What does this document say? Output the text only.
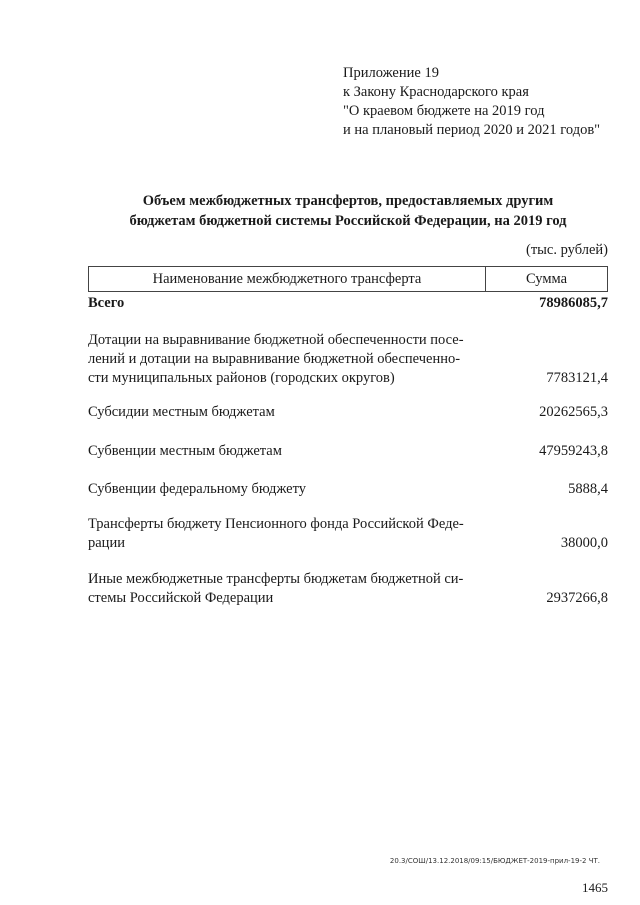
Приложение 19
к Закону Краснодарского края
"О краевом бюджете на 2019 год
и на плановый период 2020 и 2021 годов"
Объем межбюджетных трансфертов, предоставляемых другим
бюджетам бюджетной системы Российской Федерации, на 2019 год
(тыс. рублей)
Наименование межбюджетного трансферта	Сумма
Всего	78986085,7
Дотации на выравнивание бюджетной обеспеченности посе-
лений и дотации на выравнивание бюджетной обеспеченно-
сти муниципальных районов (городских округов)	7783121,4
Субсидии местным бюджетам	20262565,3
Субвенции местным бюджетам	47959243,8
Субвенции федеральному бюджету	5888,4
Трансферты бюджету Пенсионного фонда Российской Феде-
рации	38000,0
Иные межбюджетные трансферты бюджетам бюджетной си-
стемы Российской Федерации	2937266,8
20.3/СОШ/13.12.2018/09:15/БЮДЖЕТ-2019-прил-19-2 ЧТ.
1465
